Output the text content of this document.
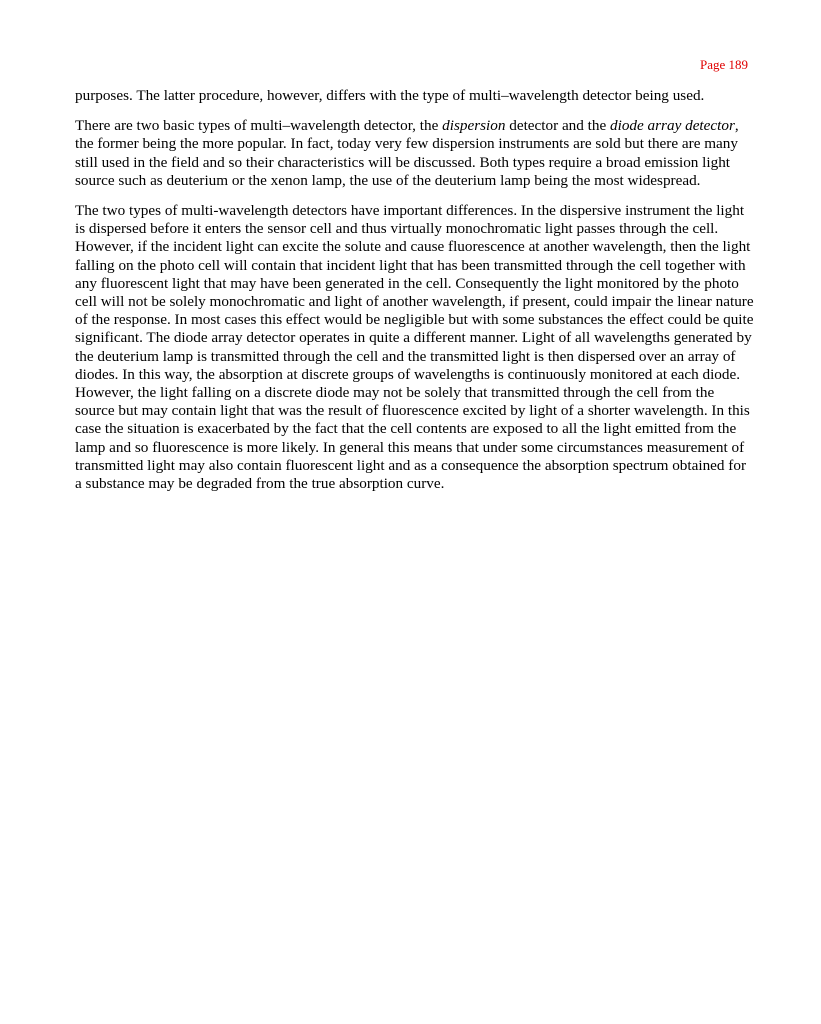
Page 189

purposes. The latter procedure, however, differs with the type of multi–wavelength detector being used.

There are two basic types of multi–wavelength detector, the dispersion detector and the diode array detector, the former being the more popular. In fact, today very few dispersion instruments are sold but there are many still used in the field and so their characteristics will be discussed. Both types require a broad emission light source such as deuterium or the xenon lamp, the use of the deuterium lamp being the most widespread.

The two types of multi-wavelength detectors have important differences. In the dispersive instrument the light is dispersed before it enters the sensor cell and thus virtually monochromatic light passes through the cell. However, if the incident light can excite the solute and cause fluorescence at another wavelength, then the light falling on the photo cell will contain that incident light that has been transmitted through the cell together with any fluorescent light that may have been generated in the cell. Consequently the light monitored by the photo cell will not be solely monochromatic and light of another wavelength, if present, could impair the linear nature of the response. In most cases this effect would be negligible but with some substances the effect could be quite significant. The diode array detector operates in quite a different manner. Light of all wavelengths generated by the deuterium lamp is transmitted through the cell and the transmitted light is then dispersed over an array of diodes. In this way, the absorption at discrete groups of wavelengths is continuously monitored at each diode. However, the light falling on a discrete diode may not be solely that transmitted through the cell from the source but may contain light that was the result of fluorescence excited by light of a shorter wavelength. In this case the situation is exacerbated by the fact that the cell contents are exposed to all the light emitted from the lamp and so fluorescence is more likely. In general this means that under some circumstances measurement of transmitted light may also contain fluorescent light and as a consequence the absorption spectrum obtained for a substance may be degraded from the true absorption curve.
